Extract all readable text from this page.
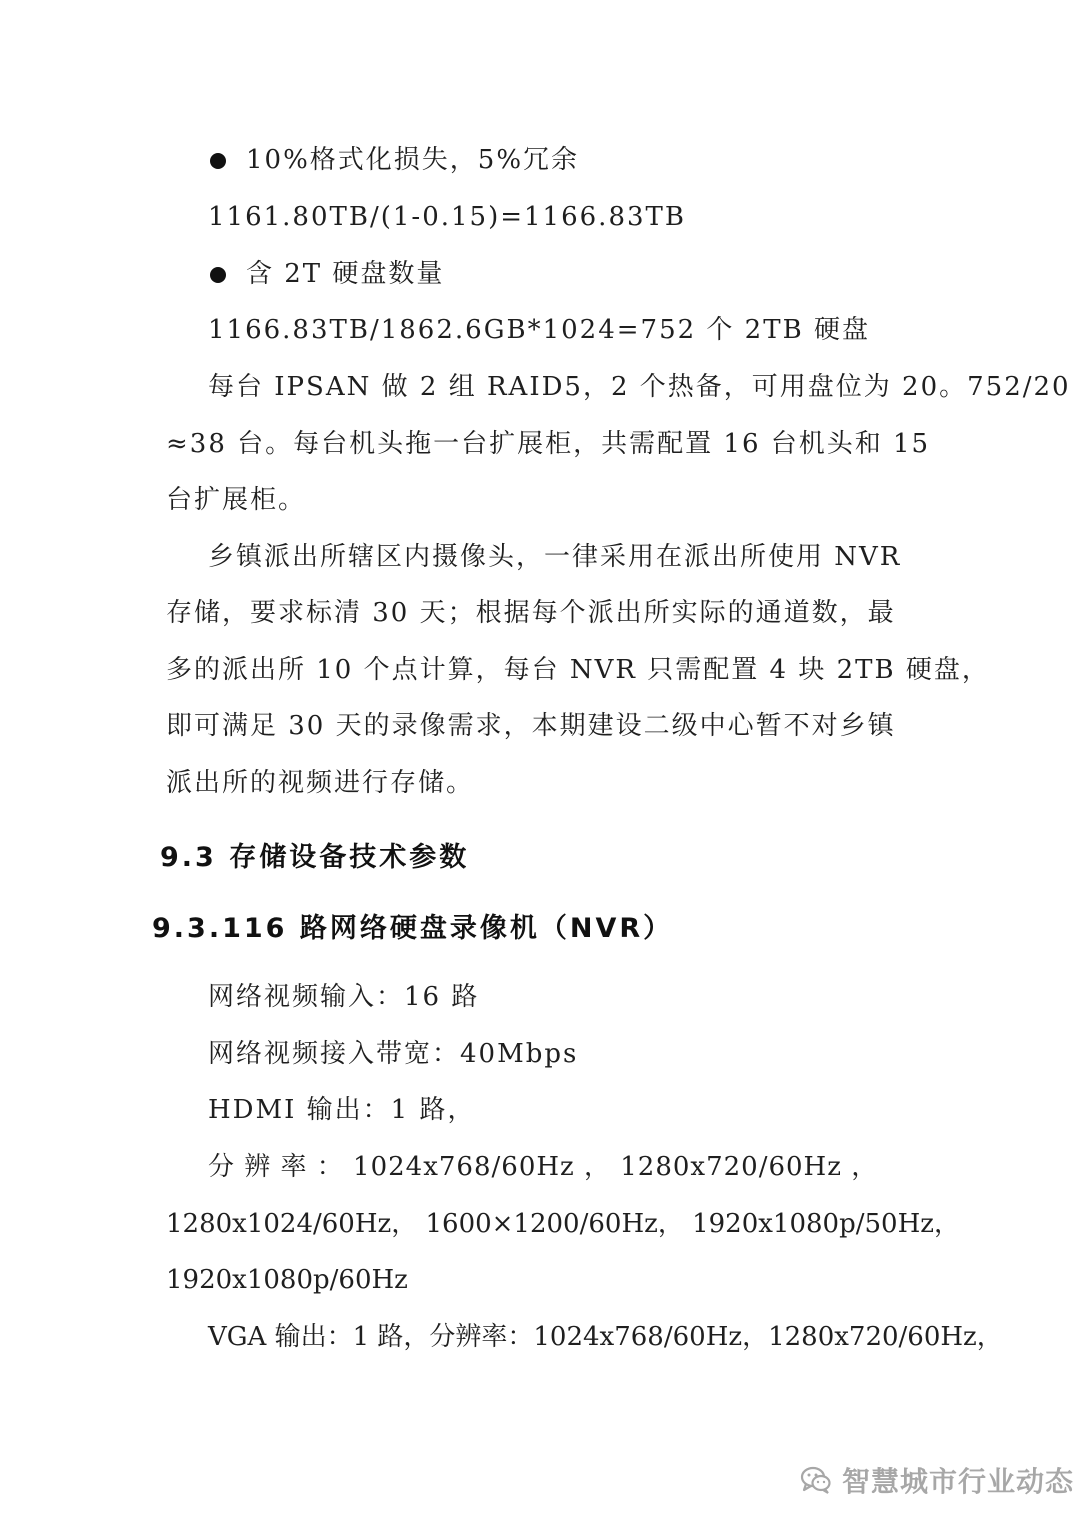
10%格式化损失，5%冗余
1161.80TB/(1-0.15)=1166.83TB
含 2T 硬盘数量
1166.83TB/1862.6GB*1024=752 个 2TB 硬盘
每台 IPSAN 做 2 组 RAID5，2 个热备，可用盘位为 20。752/20
≈38 台。每台机头拖一台扩展柜，共需配置 16 台机头和 15
台扩展柜。
乡镇派出所辖区内摄像头，一律采用在派出所使用 NVR
存储，要求标清 30 天；根据每个派出所实际的通道数，最
多的派出所 10 个点计算，每台 NVR 只需配置 4 块 2TB 硬盘，
即可满足 30 天的录像需求，本期建设二级中心暂不对乡镇
派出所的视频进行存储。
9.3 存储设备技术参数
9.3.116 路网络硬盘录像机（NVR）
网络视频输入：16 路
网络视频接入带宽：40Mbps
HDMI 输出：1 路，
分 辨 率 ： 1024x768/60Hz ， 1280x720/60Hz ，
1280x1024/60Hz， 1600×1200/60Hz， 1920x1080p/50Hz，
1920x1080p/60Hz
VGA 输出：1 路，分辨率：1024x768/60Hz，1280x720/60Hz，
智慧城市行业动态
